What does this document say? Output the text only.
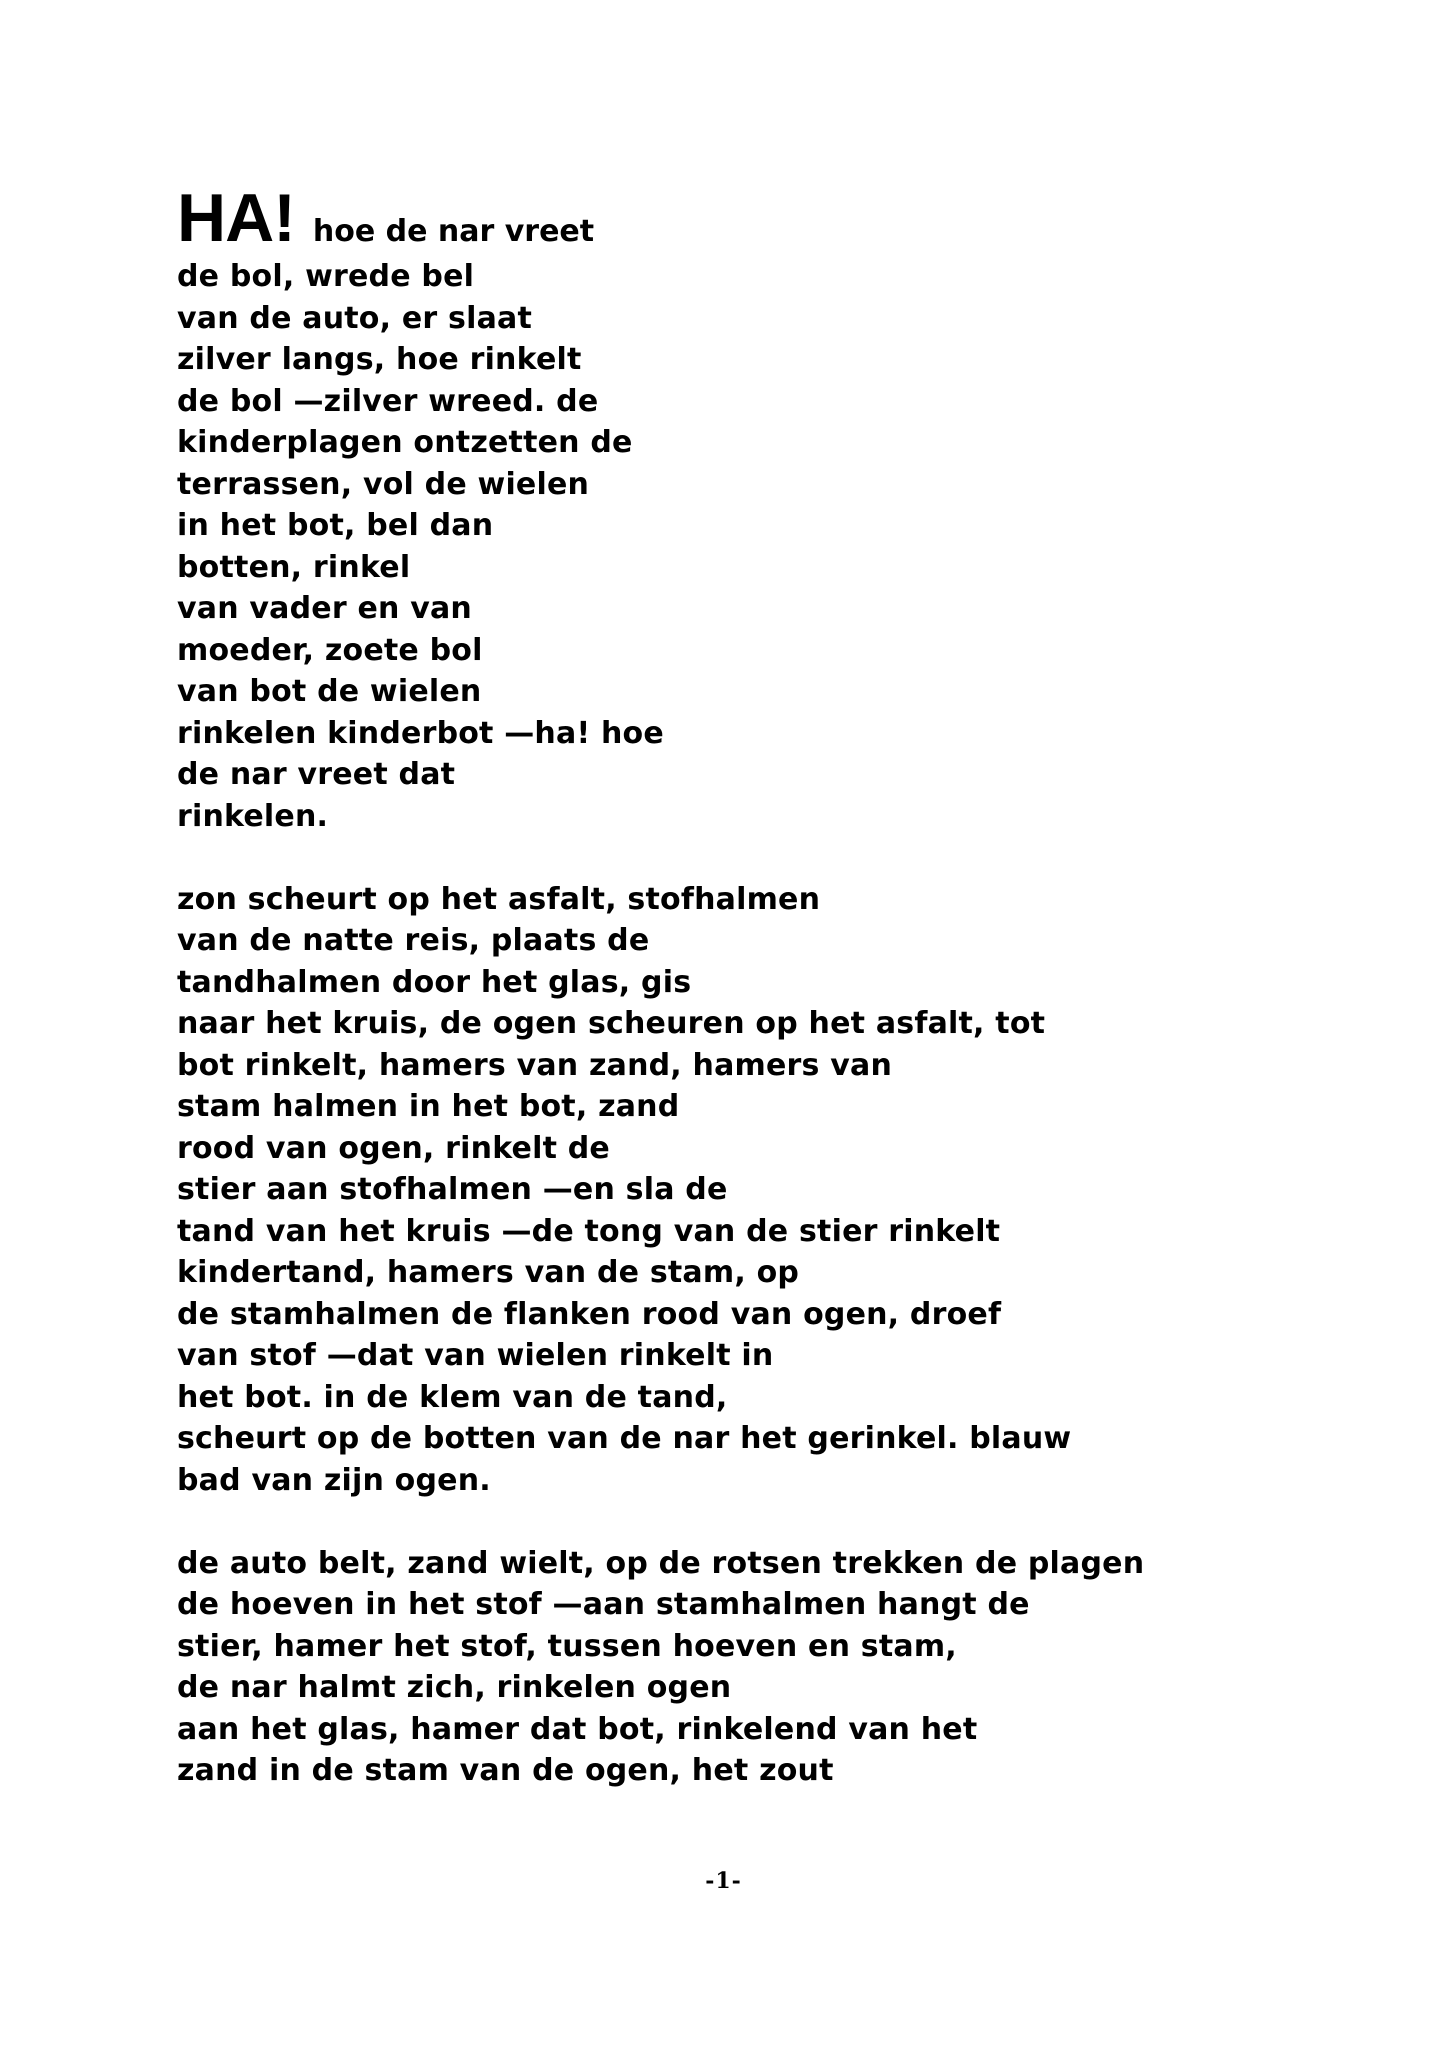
HA! hoe de nar vreet
de bol, wrede bel
van de auto, er slaat
zilver langs, hoe rinkelt
de bol —zilver wreed. de
kinderplagen ontzetten de
terrassen, vol de wielen
in het bot, bel dan
botten, rinkel
van vader en van
moeder, zoete bol
van bot de wielen
rinkelen kinderbot —ha! hoe
de nar vreet dat
rinkelen.
zon scheurt op het asfalt, stofhalmen
van de natte reis, plaats de
tandhalmen door het glas, gis
naar het kruis, de ogen scheuren op het asfalt, tot
bot rinkelt, hamers van zand, hamers van
stam halmen in het bot, zand
rood van ogen, rinkelt de
stier aan stofhalmen —en sla de
tand van het kruis —de tong van de stier rinkelt
kindertand, hamers van de stam, op
de stamhalmen de flanken rood van ogen, droef
van stof —dat van wielen rinkelt in
het bot. in de klem van de tand,
scheurt op de botten van de nar het gerinkel. blauw
bad van zijn ogen.
de auto belt, zand wielt, op de rotsen trekken de plagen
de hoeven in het stof —aan stamhalmen hangt de
stier, hamer het stof, tussen hoeven en stam,
de nar halmt zich, rinkelen ogen
aan het glas, hamer dat bot, rinkelend van het
zand in de stam van de ogen, het zout
-1-
